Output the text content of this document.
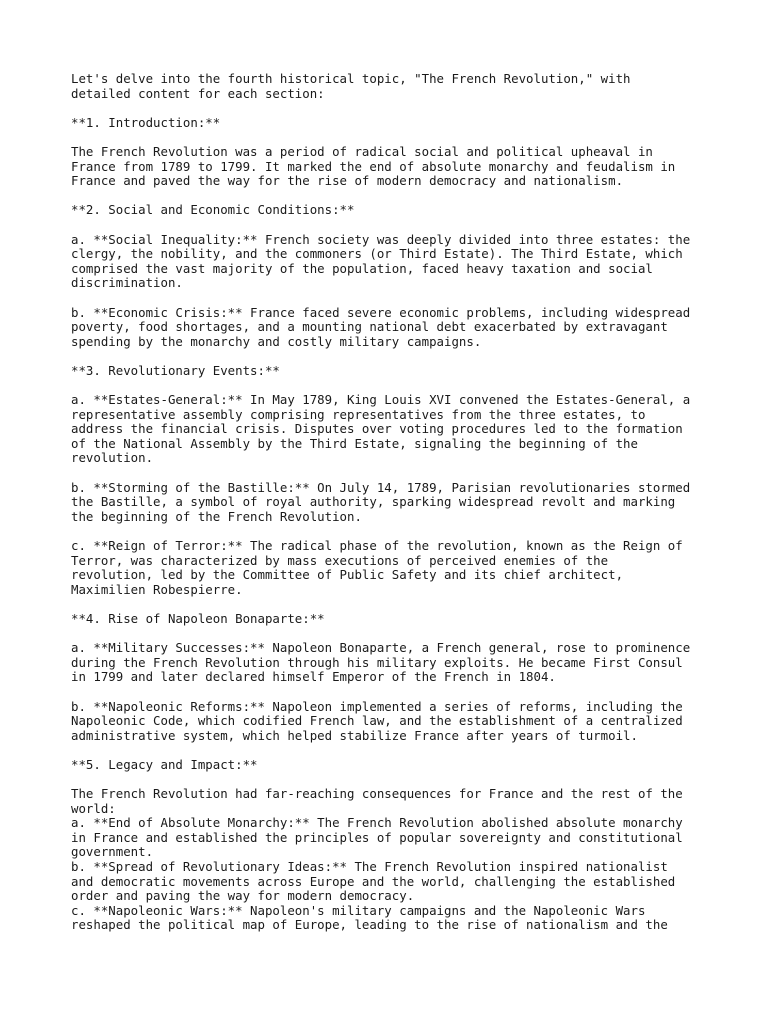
Let's delve into the fourth historical topic, "The French Revolution," with
detailed content for each section:

**1. Introduction:**

The French Revolution was a period of radical social and political upheaval in
France from 1789 to 1799. It marked the end of absolute monarchy and feudalism in
France and paved the way for the rise of modern democracy and nationalism.

**2. Social and Economic Conditions:**

a. **Social Inequality:** French society was deeply divided into three estates: the
clergy, the nobility, and the commoners (or Third Estate). The Third Estate, which
comprised the vast majority of the population, faced heavy taxation and social
discrimination.

b. **Economic Crisis:** France faced severe economic problems, including widespread
poverty, food shortages, and a mounting national debt exacerbated by extravagant
spending by the monarchy and costly military campaigns.

**3. Revolutionary Events:**

a. **Estates-General:** In May 1789, King Louis XVI convened the Estates-General, a
representative assembly comprising representatives from the three estates, to
address the financial crisis. Disputes over voting procedures led to the formation
of the National Assembly by the Third Estate, signaling the beginning of the
revolution.

b. **Storming of the Bastille:** On July 14, 1789, Parisian revolutionaries stormed
the Bastille, a symbol of royal authority, sparking widespread revolt and marking
the beginning of the French Revolution.

c. **Reign of Terror:** The radical phase of the revolution, known as the Reign of
Terror, was characterized by mass executions of perceived enemies of the
revolution, led by the Committee of Public Safety and its chief architect,
Maximilien Robespierre.

**4. Rise of Napoleon Bonaparte:**

a. **Military Successes:** Napoleon Bonaparte, a French general, rose to prominence
during the French Revolution through his military exploits. He became First Consul
in 1799 and later declared himself Emperor of the French in 1804.

b. **Napoleonic Reforms:** Napoleon implemented a series of reforms, including the
Napoleonic Code, which codified French law, and the establishment of a centralized
administrative system, which helped stabilize France after years of turmoil.

**5. Legacy and Impact:**

The French Revolution had far-reaching consequences for France and the rest of the
world:
a. **End of Absolute Monarchy:** The French Revolution abolished absolute monarchy
in France and established the principles of popular sovereignty and constitutional
government.
b. **Spread of Revolutionary Ideas:** The French Revolution inspired nationalist
and democratic movements across Europe and the world, challenging the established
order and paving the way for modern democracy.
c. **Napoleonic Wars:** Napoleon's military campaigns and the Napoleonic Wars
reshaped the political map of Europe, leading to the rise of nationalism and the
